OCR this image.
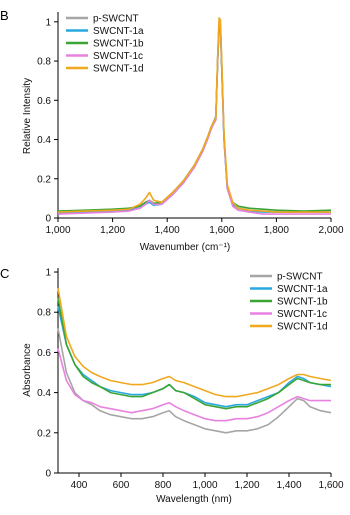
B
Wavenumber (cm⁻¹)
Relative Intensity
1,000	1,200	1,400	1,600	1,800	2,000
0
0.2
0.4
0.6
0.8
1	p-SWCNT
SWCNT-1a
SWCNT-1b
SWCNT-1c
SWCNT-1d
C
Wavelength (nm)
Absorbance
400	600	800 1,000 1,200 1,400 1,600
0
0.2
0.4
0.6
0.8
1	p-SWCNT
SWCNT-1a
SWCNT-1b
SWCNT-1c
SWCNT-1d
